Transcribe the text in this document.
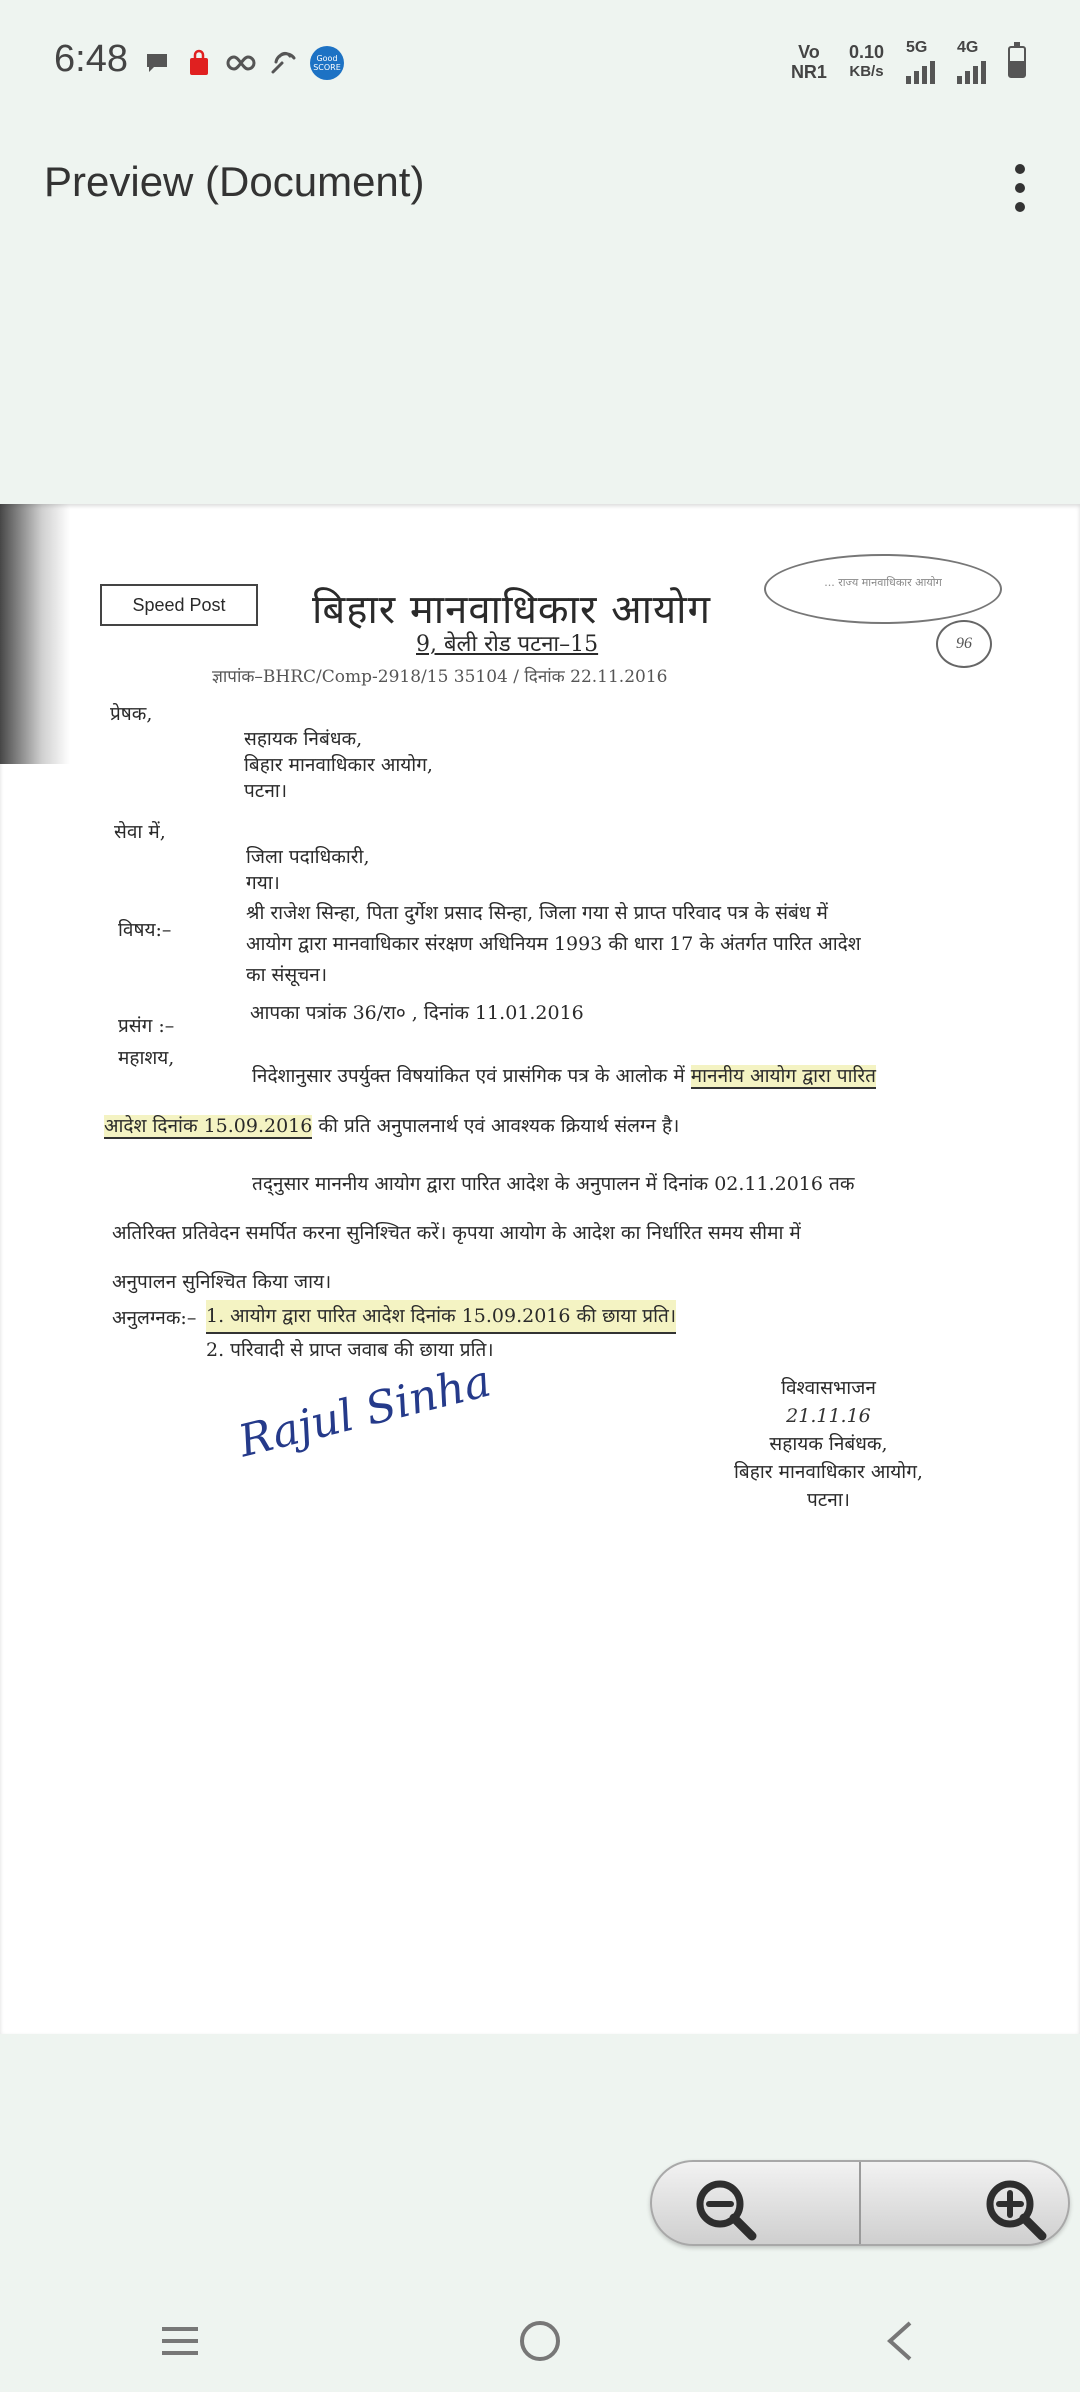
6:48	Good SCORE
Vo
NR1
0.10
KB/s
5G 4G
Preview (Document)
Speed Post	बिहार मानवाधिकार आयोग
... राज्य मानवाधिकार आयोग
9, बेली रोड पटना–15
ज्ञापांक–BHRC/Comp-2918/15 35104 / दिनांक 22.11.2016
96
प्रेषक,
सहायक निबंधक,
बिहार मानवाधिकार आयोग,
पटना।
सेवा में,
जिला पदाधिकारी,
गया।
विषय:–
श्री राजेश सिन्हा, पिता दुर्गेश प्रसाद सिन्हा, जिला गया से प्राप्त परिवाद पत्र के संबंध में
आयोग द्वारा मानवाधिकार संरक्षण अधिनियम 1993 की धारा 17 के अंतर्गत पारित आदेश
का संसूचन।
प्रसंग :–
आपका पत्रांक 36/रा० , दिनांक 11.01.2016
महाशय,
निदेशानुसार उपर्युक्त विषयांकित एवं प्रासंगिक पत्र के आलोक में माननीय आयोग द्वारा पारित
आदेश दिनांक 15.09.2016 की प्रति अनुपालनार्थ एवं आवश्यक क्रियार्थ संलग्न है।
तद्नुसार माननीय आयोग द्वारा पारित आदेश के अनुपालन में दिनांक 02.11.2016 तक
अतिरिक्त प्रतिवेदन समर्पित करना सुनिश्चित करें। कृपया आयोग के आदेश का निर्धारित समय सीमा में
अनुपालन सुनिश्चित किया जाय।
अनुलग्नक:– 1. आयोग द्वारा पारित आदेश दिनांक 15.09.2016 की छाया प्रति।
2. परिवादी से प्राप्त जवाब की छाया प्रति।
Rajul Sinha	विश्वासभाजन
21.11.16
सहायक निबंधक,
बिहार मानवाधिकार आयोग,
पटना।
